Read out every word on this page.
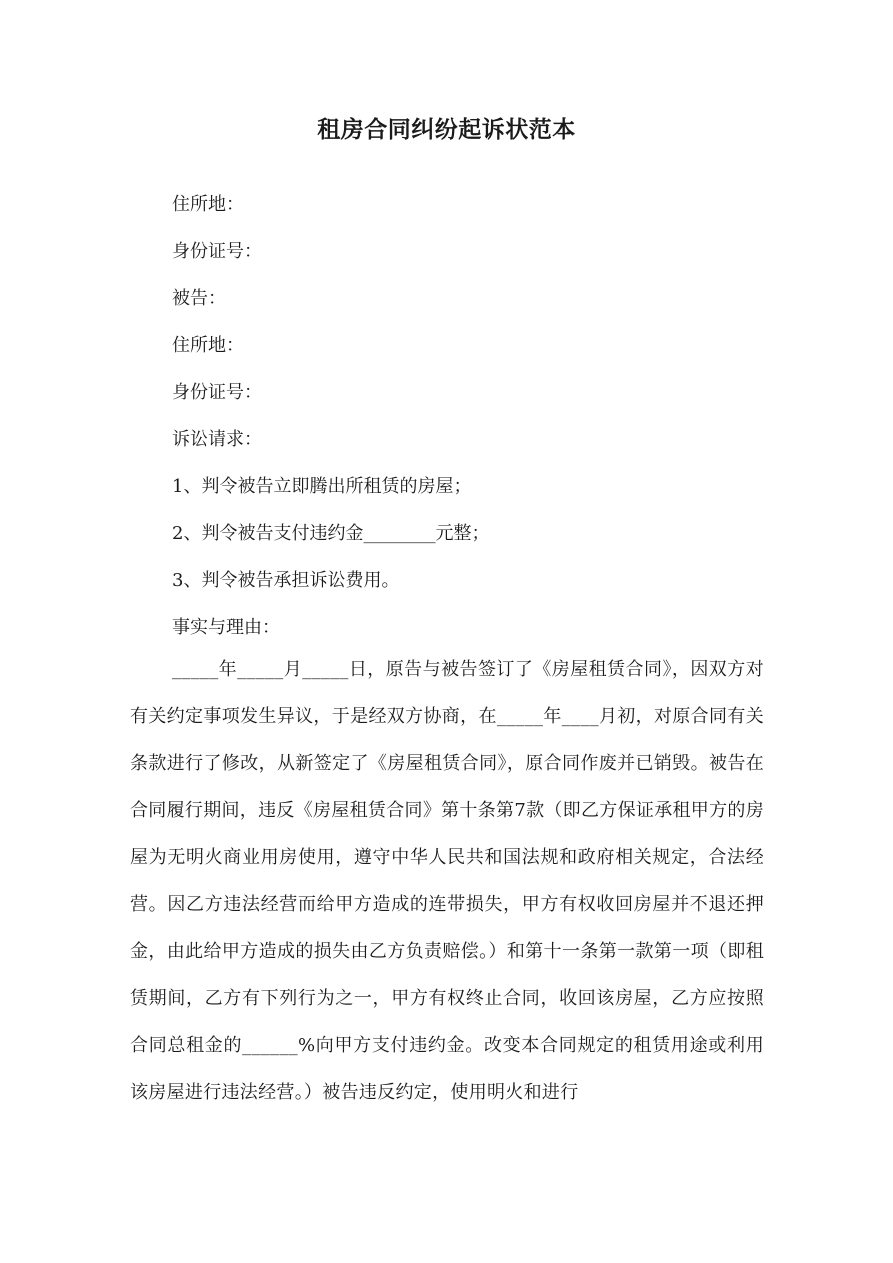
租房合同纠纷起诉状范本
住所地：
身份证号：
被告：
住所地：
身份证号：
诉讼请求：
1、判令被告立即腾出所租赁的房屋；
2、判令被告支付违约金________元整；
3、判令被告承担诉讼费用。
事实与理由：
_____年_____月_____日，原告与被告签订了《房屋租赁合同》，因双方对有关约定事项发生异议，于是经双方协商，在_____年____月初，对原合同有关条款进行了修改，从新签定了《房屋租赁合同》，原合同作废并已销毁。被告在合同履行期间，违反《房屋租赁合同》第十条第7款（即乙方保证承租甲方的房屋为无明火商业用房使用，遵守中华人民共和国法规和政府相关规定，合法经营。因乙方违法经营而给甲方造成的连带损失，甲方有权收回房屋并不退还押金，由此给甲方造成的损失由乙方负责赔偿。）和第十一条第一款第一项（即租赁期间，乙方有下列行为之一，甲方有权终止合同，收回该房屋，乙方应按照合同总租金的______%向甲方支付违约金。改变本合同规定的租赁用途或利用该房屋进行违法经营。）被告违反约定，使用明火和进行
